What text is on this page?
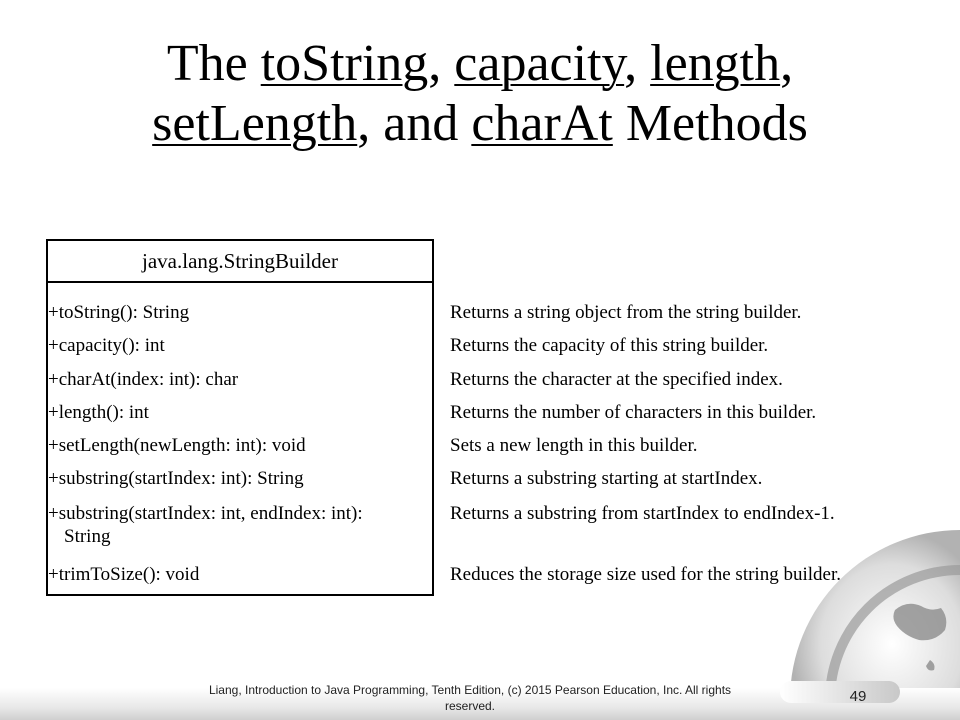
The toString, capacity, length,
setLength, and charAt Methods
java.lang.StringBuilder
+toString(): String
+capacity(): int
+charAt(index: int): char
+length(): int
+setLength(newLength: int): void
+substring(startIndex: int): String
+substring(startIndex: int, endIndex: int):
String
+trimToSize(): void
Returns a string object from the string builder.
Returns the capacity of this string builder.
Returns the character at the specified index.
Returns the number of characters in this builder.
Sets a new length in this builder.
Returns a substring starting at startIndex.
Returns a substring from startIndex to endIndex-1.
Reduces the storage size used for the string builder.
Liang, Introduction to Java Programming, Tenth Edition, (c) 2015 Pearson Education, Inc. All rights reserved.
49
